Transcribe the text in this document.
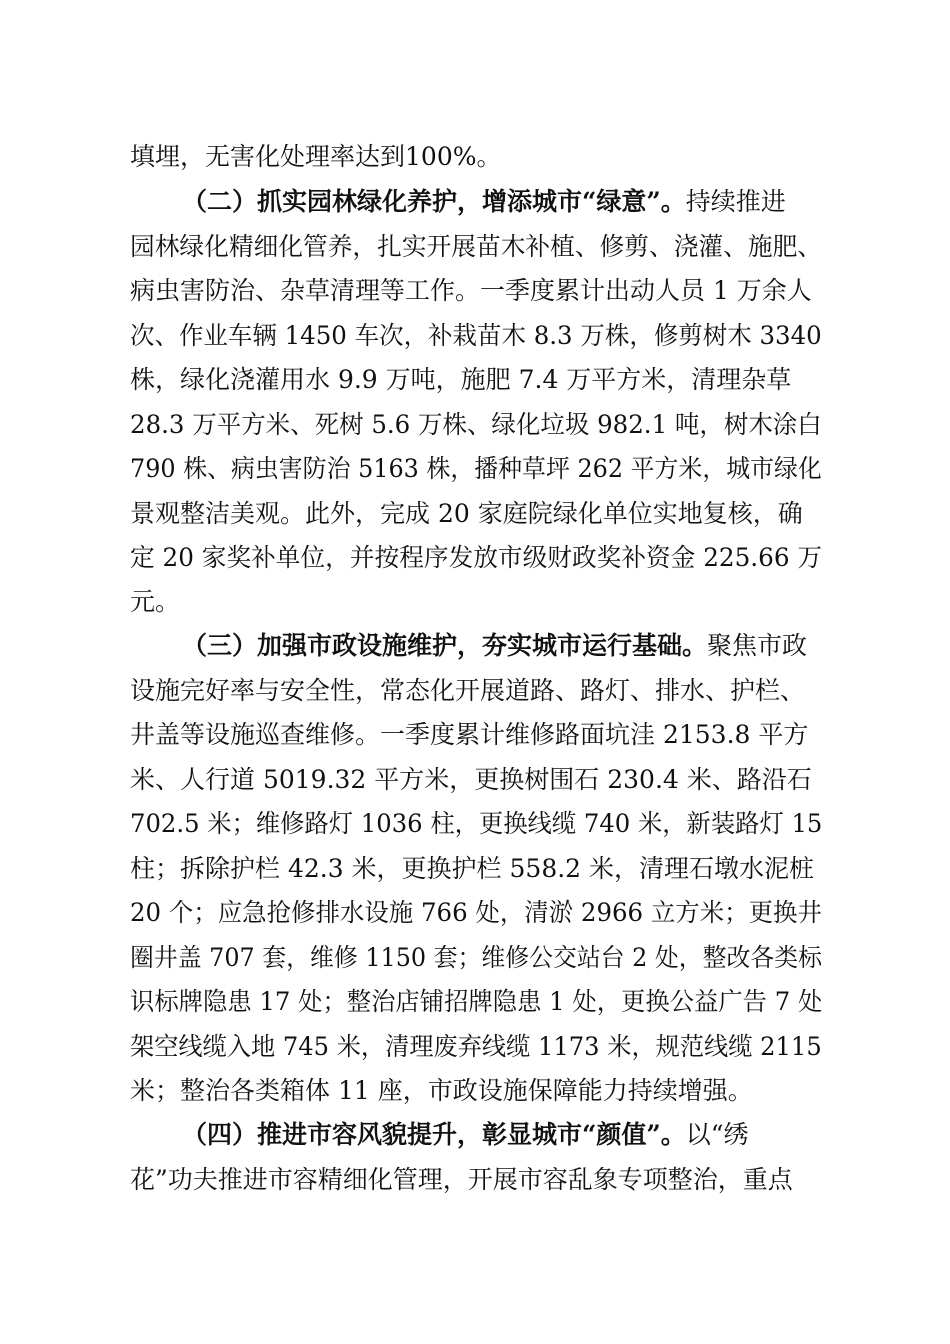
填埋，无害化处理率达到100%。
（二）抓实园林绿化养护，增添城市“绿意”。持续推进
园林绿化精细化管养，扎实开展苗木补植、修剪、浇灌、施肥、
病虫害防治、杂草清理等工作。一季度累计出动人员 1 万余人
次、作业车辆 1450 车次，补栽苗木 8.3 万株，修剪树木 3340
株，绿化浇灌用水 9.9 万吨，施肥 7.4 万平方米，清理杂草
28.3 万平方米、死树 5.6 万株、绿化垃圾 982.1 吨，树木涂白
790 株、病虫害防治 5163 株，播种草坪 262 平方米，城市绿化
景观整洁美观。此外，完成 20 家庭院绿化单位实地复核，确
定 20 家奖补单位，并按程序发放市级财政奖补资金 225.66 万
元。
（三）加强市政设施维护，夯实城市运行基础。聚焦市政
设施完好率与安全性，常态化开展道路、路灯、排水、护栏、
井盖等设施巡查维修。一季度累计维修路面坑洼 2153.8 平方
米、人行道 5019.32 平方米，更换树围石 230.4 米、路沿石
702.5 米；维修路灯 1036 柱，更换线缆 740 米，新装路灯 15
柱；拆除护栏 42.3 米，更换护栏 558.2 米，清理石墩水泥桩
20 个；应急抢修排水设施 766 处，清淤 2966 立方米；更换井
圈井盖 707 套，维修 1150 套；维修公交站台 2 处，整改各类标
识标牌隐患 17 处；整治店铺招牌隐患 1 处，更换公益广告 7 处
架空线缆入地 745 米，清理废弃线缆 1173 米，规范线缆 2115
米；整治各类箱体 11 座，市政设施保障能力持续增强。
（四）推进市容风貌提升，彰显城市“颜值”。以“绣
花”功夫推进市容精细化管理，开展市容乱象专项整治，重点
